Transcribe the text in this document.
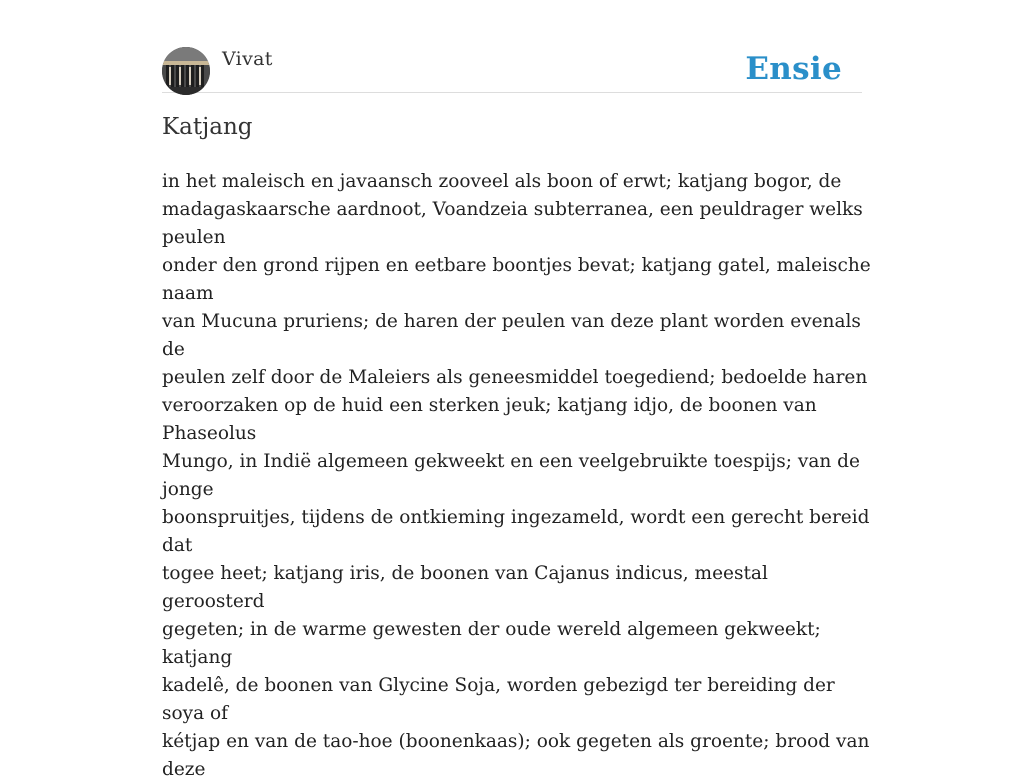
Vivat	Ensie
Katjang
in het maleisch en javaansch zooveel als boon of erwt; katjang bogor, de
madagaskaarsche aardnoot, Voandzeia subterranea, een peuldrager welks peulen
onder den grond rijpen en eetbare boontjes bevat; katjang gatel, maleische naam
van Mucuna pruriens; de haren der peulen van deze plant worden evenals de
peulen zelf door de Maleiers als geneesmiddel toegediend; bedoelde haren
veroorzaken op de huid een sterken jeuk; katjang idjo, de boonen van Phaseolus
Mungo, in Indië algemeen gekweekt en een veelgebruikte toespijs; van de jonge
boonspruitjes, tijdens de ontkieming ingezameld, wordt een gerecht bereid dat
togee heet; katjang iris, de boonen van Cajanus indicus, meestal geroosterd
gegeten; in de warme gewesten der oude wereld algemeen gekweekt; katjang
kadelê, de boonen van Glycine Soja, worden gebezigd ter bereiding der soya of
kétjap en van de tao-hoe (boonenkaas); ook gegeten als groente; brood van deze
